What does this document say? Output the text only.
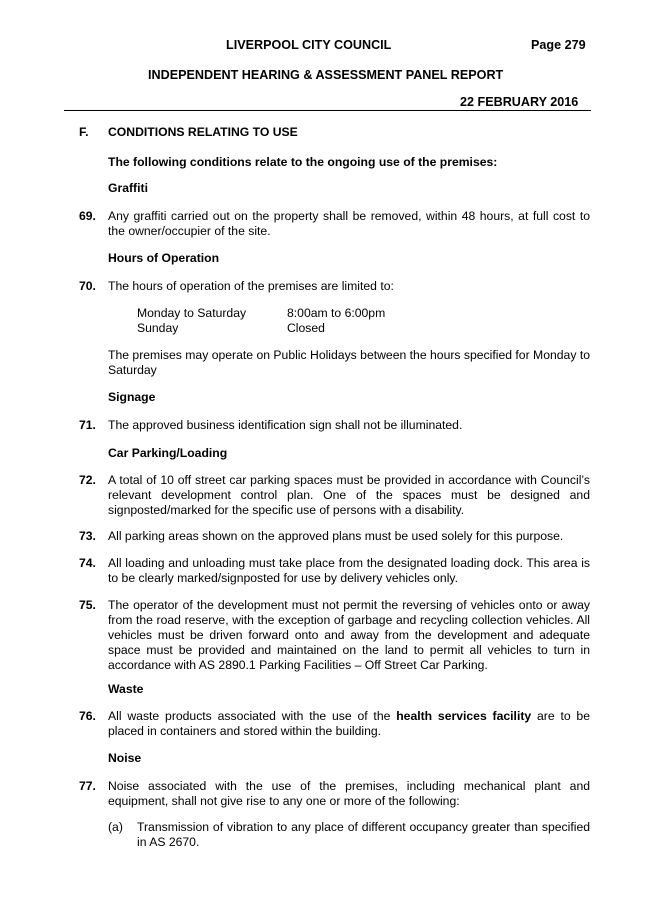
LIVERPOOL CITY COUNCIL	Page 279
INDEPENDENT HEARING & ASSESSMENT PANEL REPORT
22 FEBRUARY 2016
F. CONDITIONS RELATING TO USE
The following conditions relate to the ongoing use of the premises:
Graffiti
69. Any graffiti carried out on the property shall be removed, within 48 hours, at full cost to the owner/occupier of the site.
Hours of Operation
70. The hours of operation of the premises are limited to:
Monday to Saturday	8:00am to 6:00pm
Sunday	Closed
The premises may operate on Public Holidays between the hours specified for Monday to Saturday
Signage
71. The approved business identification sign shall not be illuminated.
Car Parking/Loading
72. A total of 10 off street car parking spaces must be provided in accordance with Council’s relevant development control plan. One of the spaces must be designed and signposted/marked for the specific use of persons with a disability.
73. All parking areas shown on the approved plans must be used solely for this purpose.
74. All loading and unloading must take place from the designated loading dock. This area is to be clearly marked/signposted for use by delivery vehicles only.
75. The operator of the development must not permit the reversing of vehicles onto or away from the road reserve, with the exception of garbage and recycling collection vehicles. All vehicles must be driven forward onto and away from the development and adequate space must be provided and maintained on the land to permit all vehicles to turn in accordance with AS 2890.1 Parking Facilities – Off Street Car Parking.
Waste
76. All waste products associated with the use of the health services facility are to be placed in containers and stored within the building.
Noise
77. Noise associated with the use of the premises, including mechanical plant and equipment, shall not give rise to any one or more of the following:
(a) Transmission of vibration to any place of different occupancy greater than specified in AS 2670.
